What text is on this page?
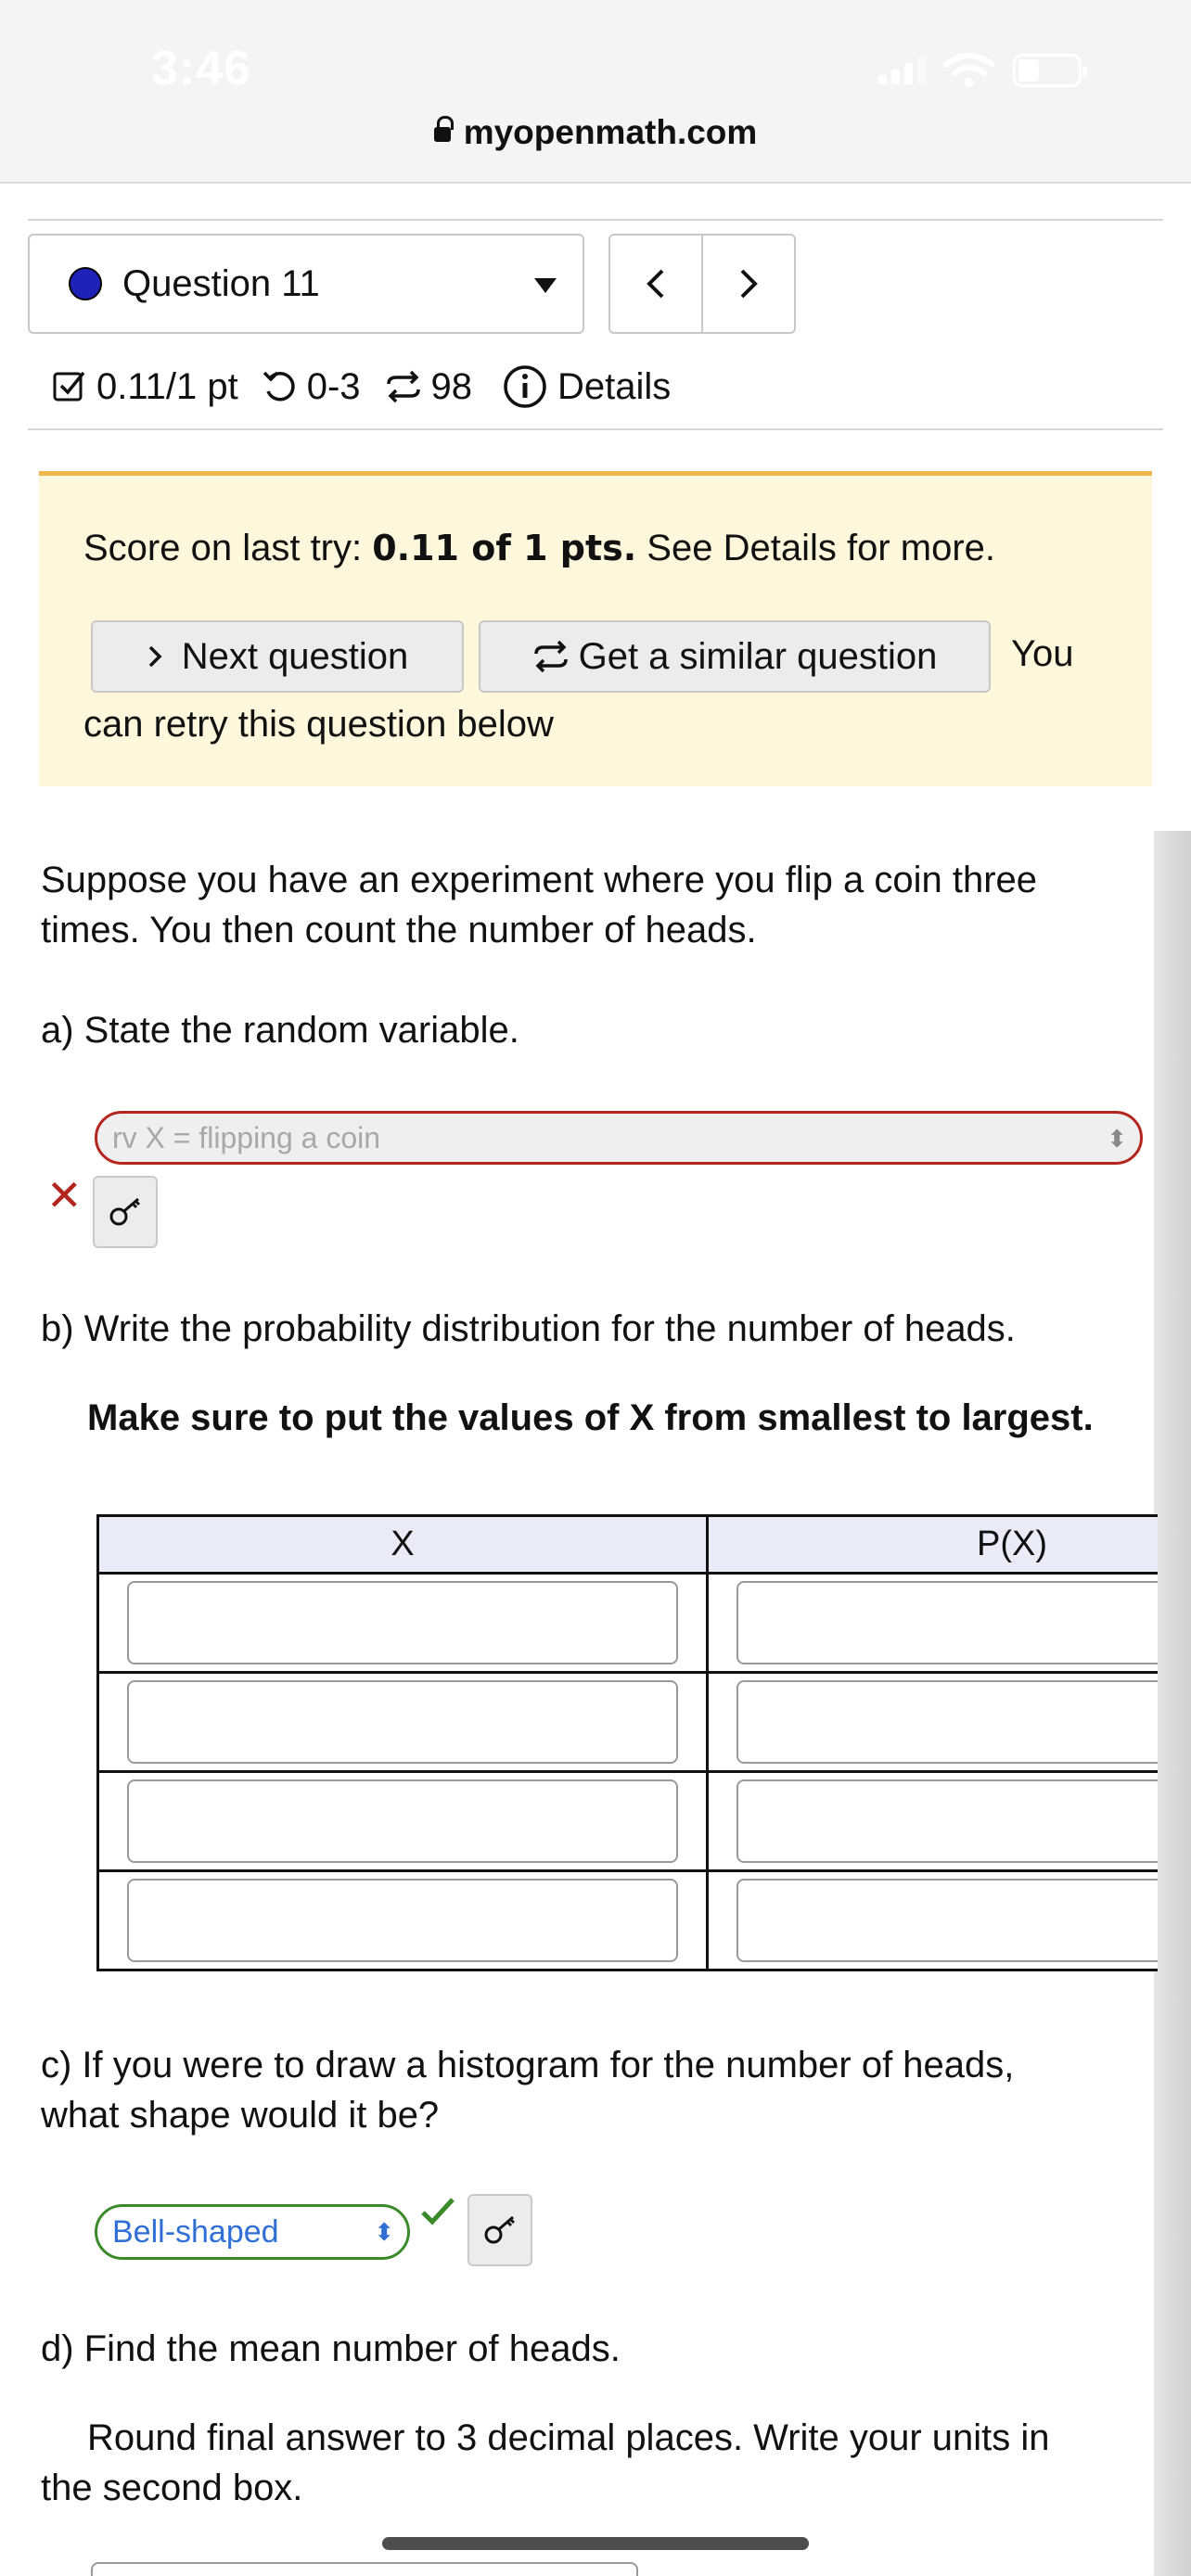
3:46
myopenmath.com
Question 11
0.11/1 pt 0-3 98 Details
Score on last try: 0.11 of 1 pts. See Details for more.
Next question	Get a similar question You
can retry this question below
Suppose you have an experiment where you flip a coin three
times. You then count the number of heads.
a) State the random variable.
rv X = flipping a coin	⬍
✕
b) Write the probability distribution for the number of heads.
Make sure to put the values of X from smallest to largest.
X	P(X)

c) If you were to draw a histogram for the number of heads,
what shape would it be?
Bell-shaped	⬍
d) Find the mean number of heads.
Round final answer to 3 decimal places. Write your units in
the second box.
